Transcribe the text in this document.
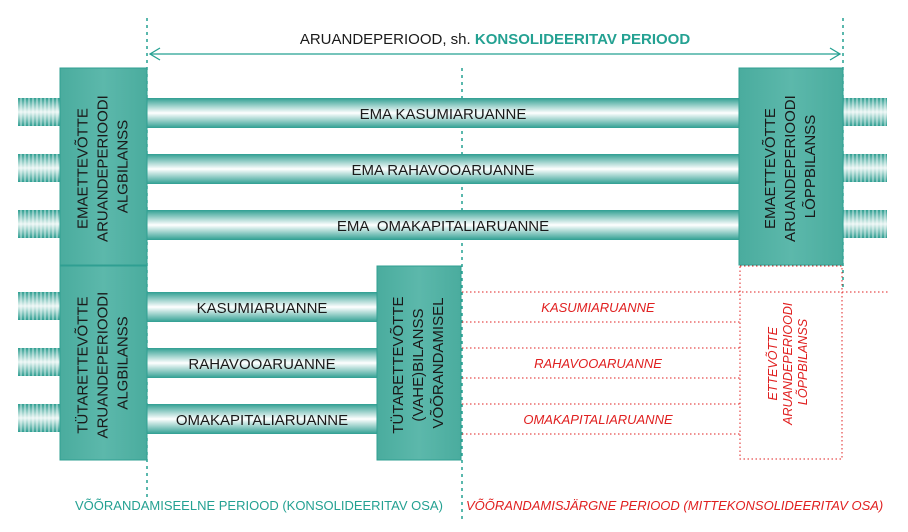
ARUANDEPERIOOD, sh. KONSOLIDEERITAV PERIOOD
EMA KASUMIARUANNE
EMA RAHAVOOARUANNE
EMA  OMAKAPITALIARUANNE
KASUMIARUANNE
RAHAVOOARUANNE
OMAKAPITALIARUANNE
KASUMIARUANNE
RAHAVOOARUANNE
OMAKAPITALIARUANNE
ETTEVÕTTE ARUANDEPERIOODI LÕPPBILANSS
EMAETTEVÕTTE ARUANDEPERIOODI ALGBILANSS
TÜTARETTEVÕTTE ARUANDEPERIOODI ALGBILANSS	TÜTARETTEVÕTTE (VAHE)BILANSS VÕÕRANDAMISEL
EMAETTEVÕTTE ARUANDEPERIOODI LÕPPBILANSS
VÕÕRANDAMISEELNE PERIOOD (KONSOLIDEERITAV OSA) VÕÕRANDAMISJÄRGNE PERIOOD (MITTEKONSOLIDEERITAV OSA)
